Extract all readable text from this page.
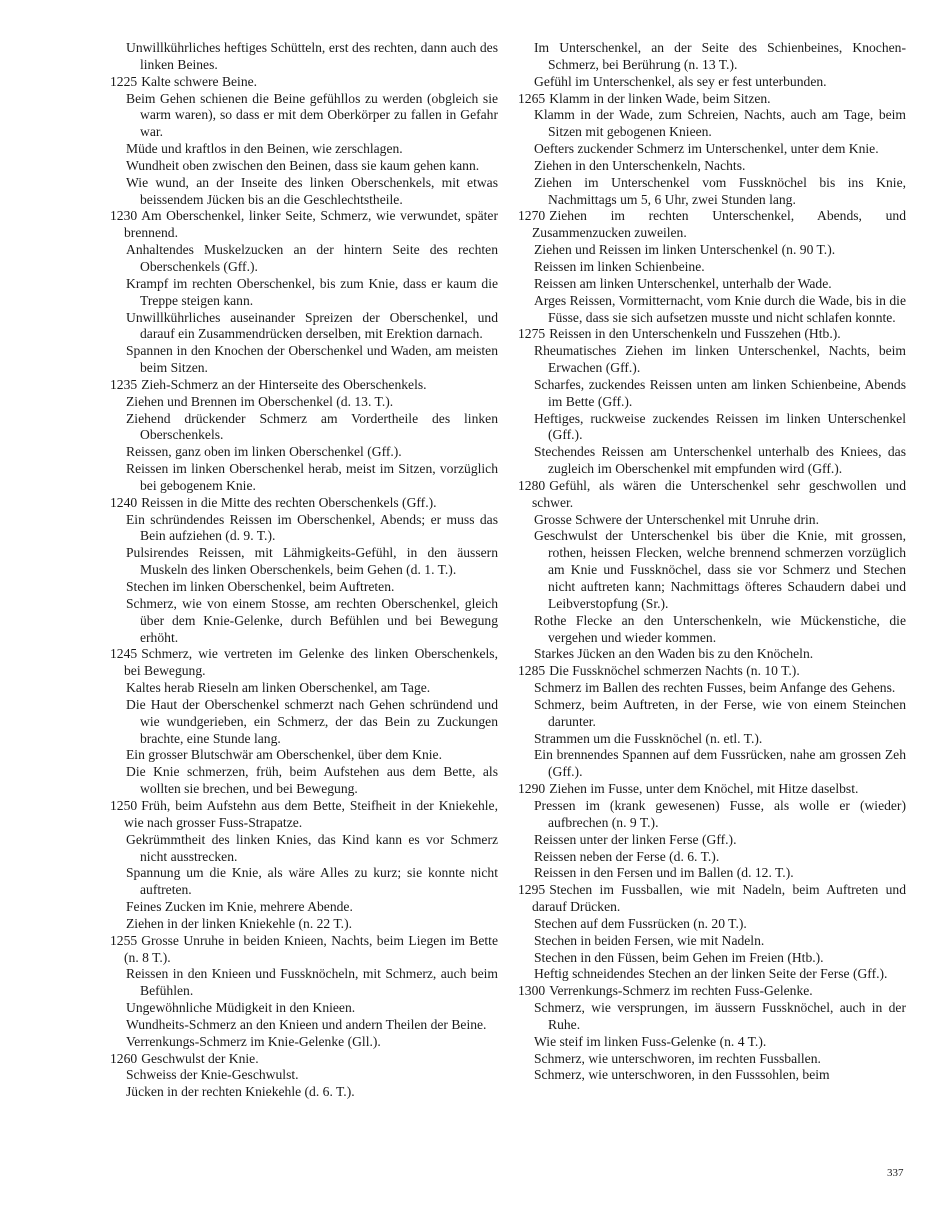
Unwillkührliches heftiges Schütteln, erst des rechten, dann auch des linken Beines.

1225 Kalte schwere Beine.

Beim Gehen schienen die Beine gefühllos zu werden (obgleich sie warm waren), so dass er mit dem Oberkörper zu fallen in Gefahr war.

Müde und kraftlos in den Beinen, wie zerschlagen.

Wundheit oben zwischen den Beinen, dass sie kaum gehen kann.

Wie wund, an der Inseite des linken Oberschenkels, mit etwas beissendem Jücken bis an die Geschlechtstheile.

1230 Am Oberschenkel, linker Seite, Schmerz, wie verwundet, später brennend.

Anhaltendes Muskelzucken an der hintern Seite des rechten Oberschenkels (Gff.).

Krampf im rechten Oberschenkel, bis zum Knie, dass er kaum die Treppe steigen kann.

Unwillkührliches auseinander Spreizen der Oberschenkel, und darauf ein Zusammendrücken derselben, mit Erektion darnach.

Spannen in den Knochen der Oberschenkel und Waden, am meisten beim Sitzen.

1235 Zieh-Schmerz an der Hinterseite des Oberschenkels.

Ziehen und Brennen im Oberschenkel (d. 13. T.).

Ziehend drückender Schmerz am Vordertheile des linken Oberschenkels.

Reissen, ganz oben im linken Oberschenkel (Gff.).

Reissen im linken Oberschenkel herab, meist im Sitzen, vorzüglich bei gebogenem Knie.

1240 Reissen in die Mitte des rechten Oberschenkels (Gff.).

Ein schründendes Reissen im Oberschenkel, Abends; er muss das Bein aufziehen (d. 9. T.).

Pulsirendes Reissen, mit Lähmigkeits-Gefühl, in den äussern Muskeln des linken Oberschenkels, beim Gehen (d. 1. T.).

Stechen im linken Oberschenkel, beim Auftreten.

Schmerz, wie von einem Stosse, am rechten Oberschenkel, gleich über dem Knie-Gelenke, durch Befühlen und bei Bewegung erhöht.

1245 Schmerz, wie vertreten im Gelenke des linken Oberschenkels, bei Bewegung.

Kaltes herab Rieseln am linken Oberschenkel, am Tage.

Die Haut der Oberschenkel schmerzt nach Gehen schründend und wie wundgerieben, ein Schmerz, der das Bein zu Zuckungen brachte, eine Stunde lang.

Ein grosser Blutschwär am Oberschenkel, über dem Knie.

Die Knie schmerzen, früh, beim Aufstehen aus dem Bette, als wollten sie brechen, und bei Bewegung.

1250 Früh, beim Aufstehn aus dem Bette, Steifheit in der Kniekehle, wie nach grosser Fuss-Strapatze.

Gekrümmtheit des linken Knies, das Kind kann es vor Schmerz nicht ausstrecken.

Spannung um die Knie, als wäre Alles zu kurz; sie konnte nicht auftreten.

Feines Zucken im Knie, mehrere Abende.

Ziehen in der linken Kniekehle (n. 22 T.).

1255 Grosse Unruhe in beiden Knieen, Nachts, beim Liegen im Bette (n. 8 T.).

Reissen in den Knieen und Fussknöcheln, mit Schmerz, auch beim Befühlen.

Ungewöhnliche Müdigkeit in den Knieen.

Wundheits-Schmerz an den Knieen und andern Theilen der Beine.

Verrenkungs-Schmerz im Knie-Gelenke (Gll.).

1260 Geschwulst der Knie.

Schweiss der Knie-Geschwulst.

Jücken in der rechten Kniekehle (d. 6. T.).

Im Unterschenkel, an der Seite des Schienbeines, Knochen-Schmerz, bei Berührung (n. 13 T.).

Gefühl im Unterschenkel, als sey er fest unterbunden.

1265 Klamm in der linken Wade, beim Sitzen.

Klamm in der Wade, zum Schreien, Nachts, auch am Tage, beim Sitzen mit gebogenen Knieen.

Oefters zuckender Schmerz im Unterschenkel, unter dem Knie.

Ziehen in den Unterschenkeln, Nachts.

Ziehen im Unterschenkel vom Fussknöchel bis ins Knie, Nachmittags um 5, 6 Uhr, zwei Stunden lang.

1270 Ziehen im rechten Unterschenkel, Abends, und Zusammenzucken zuweilen.

Ziehen und Reissen im linken Unterschenkel (n. 90 T.).

Reissen im linken Schienbeine.

Reissen am linken Unterschenkel, unterhalb der Wade.

Arges Reissen, Vormitternacht, vom Knie durch die Wade, bis in die Füsse, dass sie sich aufsetzen musste und nicht schlafen konnte.

1275 Reissen in den Unterschenkeln und Fusszehen (Htb.).

Rheumatisches Ziehen im linken Unterschenkel, Nachts, beim Erwachen (Gff.).

Scharfes, zuckendes Reissen unten am linken Schienbeine, Abends im Bette (Gff.).

Heftiges, ruckweise zuckendes Reissen im linken Unterschenkel (Gff.).

Stechendes Reissen am Unterschenkel unterhalb des Kniees, das zugleich im Oberschenkel mit empfunden wird (Gff.).

1280 Gefühl, als wären die Unterschenkel sehr geschwollen und schwer.

Grosse Schwere der Unterschenkel mit Unruhe drin.

Geschwulst der Unterschenkel bis über die Knie, mit grossen, rothen, heissen Flecken, welche brennend schmerzen vorzüglich am Knie und Fussknöchel, dass sie vor Schmerz und Stechen nicht auftreten kann; Nachmittags öfteres Schaudern dabei und Leibverstopfung (Sr.).

Rothe Flecke an den Unterschenkeln, wie Mückenstiche, die vergehen und wieder kommen.

Starkes Jücken an den Waden bis zu den Knöcheln.

1285 Die Fussknöchel schmerzen Nachts (n. 10 T.).

Schmerz im Ballen des rechten Fusses, beim Anfange des Gehens.

Schmerz, beim Auftreten, in der Ferse, wie von einem Steinchen darunter.

Strammen um die Fussknöchel (n. etl. T.).

Ein brennendes Spannen auf dem Fussrücken, nahe am grossen Zeh (Gff.).

1290 Ziehen im Fusse, unter dem Knöchel, mit Hitze daselbst.

Pressen im (krank gewesenen) Fusse, als wolle er (wieder) aufbrechen (n. 9 T.).

Reissen unter der linken Ferse (Gff.).

Reissen neben der Ferse (d. 6. T.).

Reissen in den Fersen und im Ballen (d. 12. T.).

1295 Stechen im Fussballen, wie mit Nadeln, beim Auftreten und darauf Drücken.

Stechen auf dem Fussrücken (n. 20 T.).

Stechen in beiden Fersen, wie mit Nadeln.

Stechen in den Füssen, beim Gehen im Freien (Htb.).

Heftig schneidendes Stechen an der linken Seite der Ferse (Gff.).

1300 Verrenkungs-Schmerz im rechten Fuss-Gelenke.

Schmerz, wie versprungen, im äussern Fussknöchel, auch in der Ruhe.

Wie steif im linken Fuss-Gelenke (n. 4 T.).

Schmerz, wie unterschworen, im rechten Fussballen.

Schmerz, wie unterschworen, in den Fusssohlen, beim

337
